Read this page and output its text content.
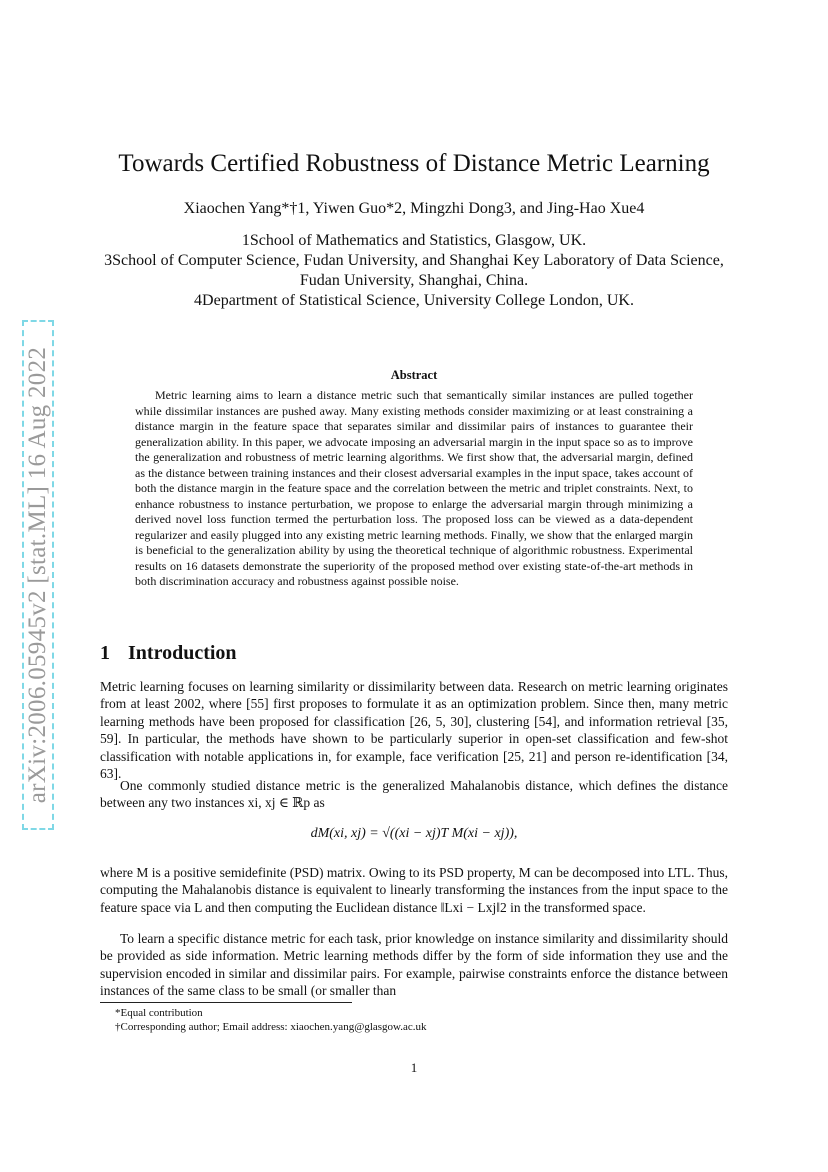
arXiv:2006.05945v2 [stat.ML] 16 Aug 2022
Towards Certified Robustness of Distance Metric Learning
Xiaochen Yang*†1, Yiwen Guo*2, Mingzhi Dong3, and Jing-Hao Xue4
1School of Mathematics and Statistics, Glasgow, UK.
3School of Computer Science, Fudan University, and Shanghai Key Laboratory of Data Science, Fudan University, Shanghai, China.
4Department of Statistical Science, University College London, UK.
Abstract
Metric learning aims to learn a distance metric such that semantically similar instances are pulled together while dissimilar instances are pushed away. Many existing methods consider maximizing or at least constraining a distance margin in the feature space that separates similar and dissimilar pairs of instances to guarantee their generalization ability. In this paper, we advocate imposing an adversarial margin in the input space so as to improve the generalization and robustness of metric learning algorithms. We first show that, the adversarial margin, defined as the distance between training instances and their closest adversarial examples in the input space, takes account of both the distance margin in the feature space and the correlation between the metric and triplet constraints. Next, to enhance robustness to instance perturbation, we propose to enlarge the adversarial margin through minimizing a derived novel loss function termed the perturbation loss. The proposed loss can be viewed as a data-dependent regularizer and easily plugged into any existing metric learning methods. Finally, we show that the enlarged margin is beneficial to the generalization ability by using the theoretical technique of algorithmic robustness. Experimental results on 16 datasets demonstrate the superiority of the proposed method over existing state-of-the-art methods in both discrimination accuracy and robustness against possible noise.
1 Introduction
Metric learning focuses on learning similarity or dissimilarity between data. Research on metric learning originates from at least 2002, where [55] first proposes to formulate it as an optimization problem. Since then, many metric learning methods have been proposed for classification [26, 5, 30], clustering [54], and information retrieval [35, 59]. In particular, the methods have shown to be particularly superior in open-set classification and few-shot classification with notable applications in, for example, face verification [25, 21] and person re-identification [34, 63].
One commonly studied distance metric is the generalized Mahalanobis distance, which defines the distance between any two instances xi, xj ∈ ℝp as
dM(xi, xj) = √((xi − xj)T M(xi − xj)),
where M is a positive semidefinite (PSD) matrix. Owing to its PSD property, M can be decomposed into LTL. Thus, computing the Mahalanobis distance is equivalent to linearly transforming the instances from the input space to the feature space via L and then computing the Euclidean distance ‖Lxi − Lxj‖2 in the transformed space.
To learn a specific distance metric for each task, prior knowledge on instance similarity and dissimilarity should be provided as side information. Metric learning methods differ by the form of side information they use and the supervision encoded in similar and dissimilar pairs. For example, pairwise constraints enforce the distance between instances of the same class to be small (or smaller than
*Equal contribution
†Corresponding author; Email address: xiaochen.yang@glasgow.ac.uk
1
